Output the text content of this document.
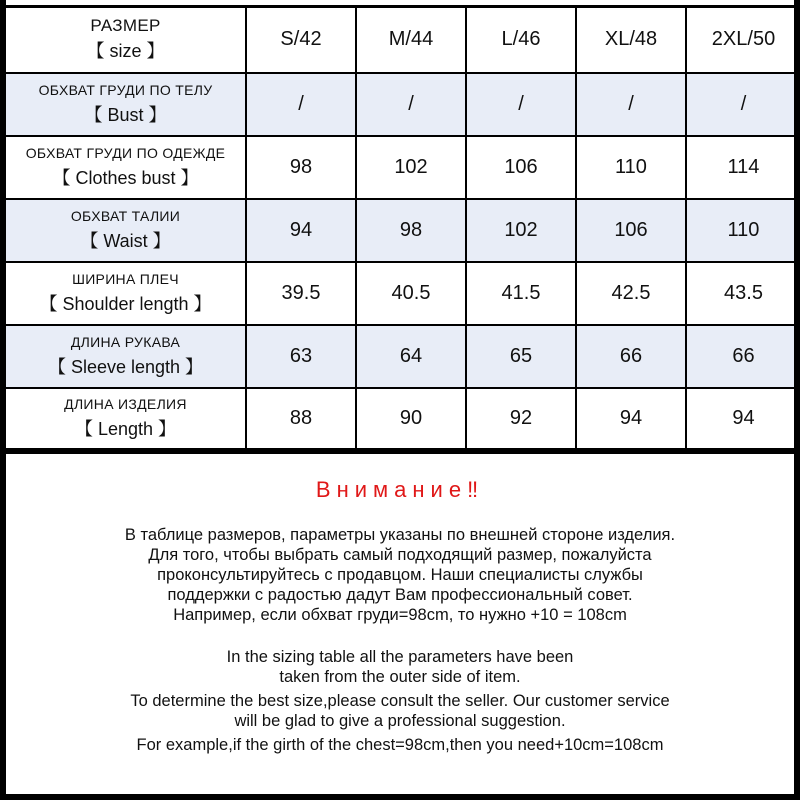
РАЗМЕР
【 size 】	S/42	M/44	L/46	XL/48	2XL/50

ОБХВАТ ГРУДИ ПО ТЕЛУ
【 Bust 】	/	/	/	/	/

ОБХВАТ ГРУДИ ПО ОДЕЖДЕ
【 Clothes bust 】	98	102	106	110	114

ОБХВАТ ТАЛИИ
【 Waist 】	94	98	102	106	110

ШИРИНА ПЛЕЧ
【 Shoulder length 】	39.5	40.5	41.5	42.5	43.5

ДЛИНА РУКАВА
【 Sleeve length 】	63	64	65	66	66

ДЛИНА ИЗДЕЛИЯ
【 Length 】	88	90	92	94	94
Внимание‼

В таблице размеров, параметры указаны по внешней стороне изделия.

Для того, чтобы выбрать самый подходящий размер, пожалуйста

проконсультируйтесь с продавцом. Наши специалисты службы

поддержки с радостью дадут Вам профессиональный совет.

Например, если обхват груди=98cm, то нужно +10 = 108cm

In the sizing table all the parameters have been

taken from the outer side of item.

To determine the best size,please consult the seller. Our customer service

will be glad to give a professional suggestion.

For example,if the girth of the chest=98cm,then you need+10cm=108cm
